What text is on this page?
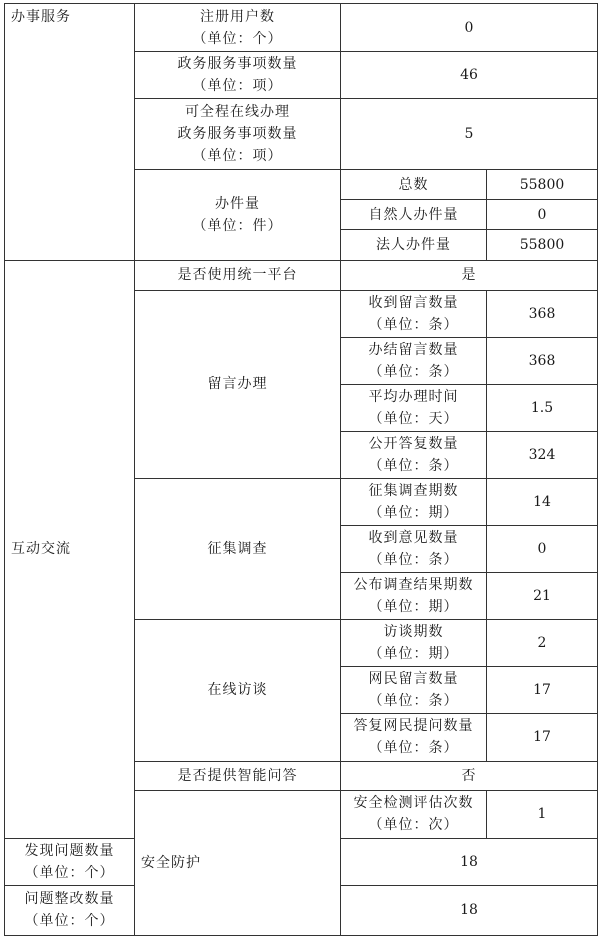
办事服务	注册用户数
（单位：个）	0	

	政务服务事项数量
（单位：项）	46	

	可全程在线办理
政务服务事项数量
（单位：项）	5	

	办件量
（单位：件）	总数	55800
		自然人办件量	0
		法人办件量	55800
互动交流	是否使用统一平台	是	
	留言办理	收到留言数量
（单位：条）	368

		办结留言数量
（单位：条）	368

		平均办理时间
（单位：天）	1.5

		公开答复数量
（单位：条）	324
	征集调查	征集调查期数
（单位：期）	14

		收到意见数量
（单位：条）	0

		公布调查结果期数
（单位：期）	21
	在线访谈	访谈期数
（单位：期）	2

		网民留言数量
（单位：条）	17

		答复网民提问数量
（单位：条）	17
	是否提供智能问答	否	
	安全防护	安全检测评估次数
（单位：次）	1

发现问题数量
（单位：个）		18	

问题整改数量
（单位：个）		18	
